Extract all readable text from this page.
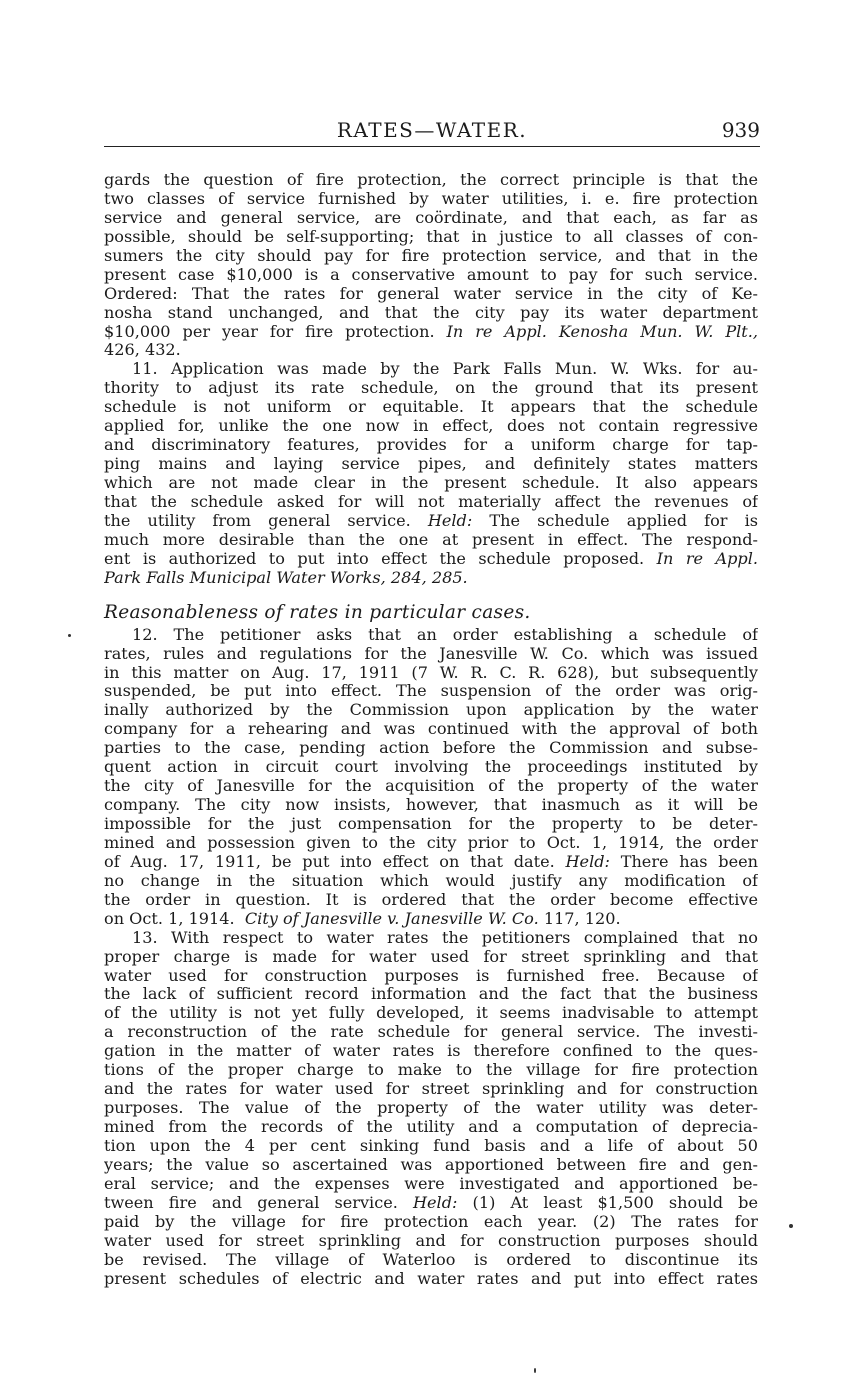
RATES—WATER.	939
gards the question of fire protection, the correct principle is that the
two classes of service furnished by water utilities, i. e. fire protection
service and general service, are coördinate, and that each, as far as
possible, should be self-supporting; that in justice to all classes of con-
sumers the city should pay for fire protection service, and that in the
present case $10,000 is a conservative amount to pay for such service.
Ordered: That the rates for general water service in the city of Ke-
nosha stand unchanged, and that the city pay its water department
$10,000 per year for fire protection. In re Appl. Kenosha Mun. W. Plt.,
426, 432.
11. Application was made by the Park Falls Mun. W. Wks. for au-
thority to adjust its rate schedule, on the ground that its present
schedule is not uniform or equitable. It appears that the schedule
applied for, unlike the one now in effect, does not contain regressive
and discriminatory features, provides for a uniform charge for tap-
ping mains and laying service pipes, and definitely states matters
which are not made clear in the present schedule. It also appears
that the schedule asked for will not materially affect the revenues of
the utility from general service. Held: The schedule applied for is
much more desirable than the one at present in effect. The respond-
ent is authorized to put into effect the schedule proposed. In re Appl.
Park Falls Municipal Water Works, 284, 285.
Reasonableness of rates in particular cases.
12. The petitioner asks that an order establishing a schedule of
rates, rules and regulations for the Janesville W. Co. which was issued
in this matter on Aug. 17, 1911 (7 W. R. C. R. 628), but subsequently
suspended, be put into effect. The suspension of the order was orig-
inally authorized by the Commission upon application by the water
company for a rehearing and was continued with the approval of both
parties to the case, pending action before the Commission and subse-
quent action in circuit court involving the proceedings instituted by
the city of Janesville for the acquisition of the property of the water
company. The city now insists, however, that inasmuch as it will be
impossible for the just compensation for the property to be deter-
mined and possession given to the city prior to Oct. 1, 1914, the order
of Aug. 17, 1911, be put into effect on that date. Held: There has been
no change in the situation which would justify any modification of
the order in question. It is ordered that the order become effective
on Oct. 1, 1914. City of Janesville v. Janesville W. Co. 117, 120.
13. With respect to water rates the petitioners complained that no
proper charge is made for water used for street sprinkling and that
water used for construction purposes is furnished free. Because of
the lack of sufficient record information and the fact that the business
of the utility is not yet fully developed, it seems inadvisable to attempt
a reconstruction of the rate schedule for general service. The investi-
gation in the matter of water rates is therefore confined to the ques-
tions of the proper charge to make to the village for fire protection
and the rates for water used for street sprinkling and for construction
purposes. The value of the property of the water utility was deter-
mined from the records of the utility and a computation of deprecia-
tion upon the 4 per cent sinking fund basis and a life of about 50
years; the value so ascertained was apportioned between fire and gen-
eral service; and the expenses were investigated and apportioned be-
tween fire and general service. Held: (1) At least $1,500 should be
paid by the village for fire protection each year. (2) The rates for
water used for street sprinkling and for construction purposes should
be revised. The village of Waterloo is ordered to discontinue its
present schedules of electric and water rates and put into effect rates
